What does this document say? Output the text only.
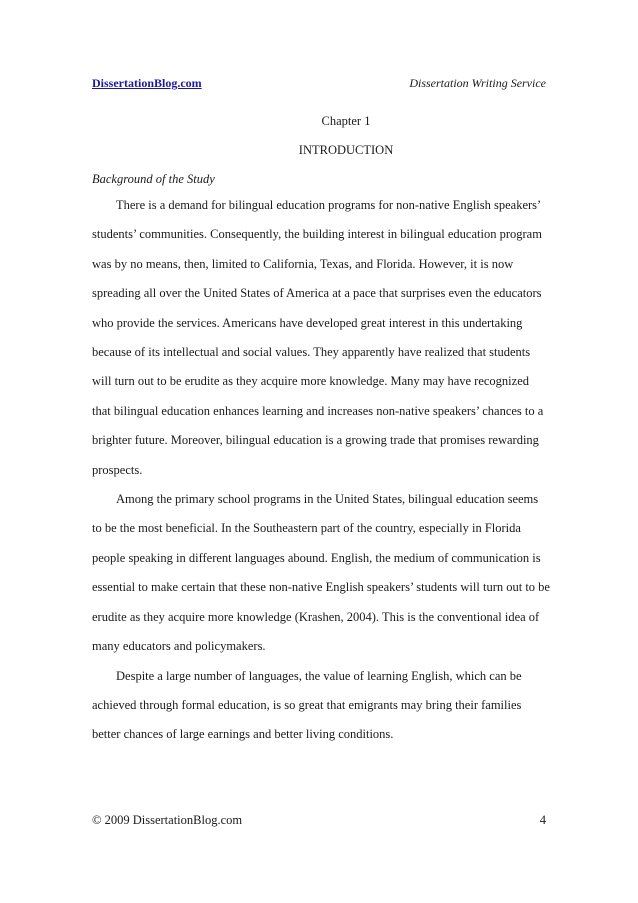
DissertationBlog.com	Dissertation Writing Service
Chapter 1
INTRODUCTION
Background of the Study

There is a demand for bilingual education programs for non-native English speakers’ students’ communities. Consequently, the building interest in bilingual education program was by no means, then, limited to California, Texas, and Florida. However, it is now spreading all over the United States of America at a pace that surprises even the educators who provide the services. Americans have developed great interest in this undertaking because of its intellectual and social values. They apparently have realized that students will turn out to be erudite as they acquire more knowledge. Many may have recognized that bilingual education enhances learning and increases non-native speakers’ chances to a brighter future. Moreover, bilingual education is a growing trade that promises rewarding prospects.

Among the primary school programs in the United States, bilingual education seems to be the most beneficial. In the Southeastern part of the country, especially in Florida people speaking in different languages abound. English, the medium of communication is essential to make certain that these non-native English speakers’ students will turn out to be erudite as they acquire more knowledge (Krashen, 2004). This is the conventional idea of many educators and policymakers.

Despite a large number of languages, the value of learning English, which can be achieved through formal education, is so great that emigrants may bring their families better chances of large earnings and better living conditions.

© 2009 DissertationBlog.com	4
